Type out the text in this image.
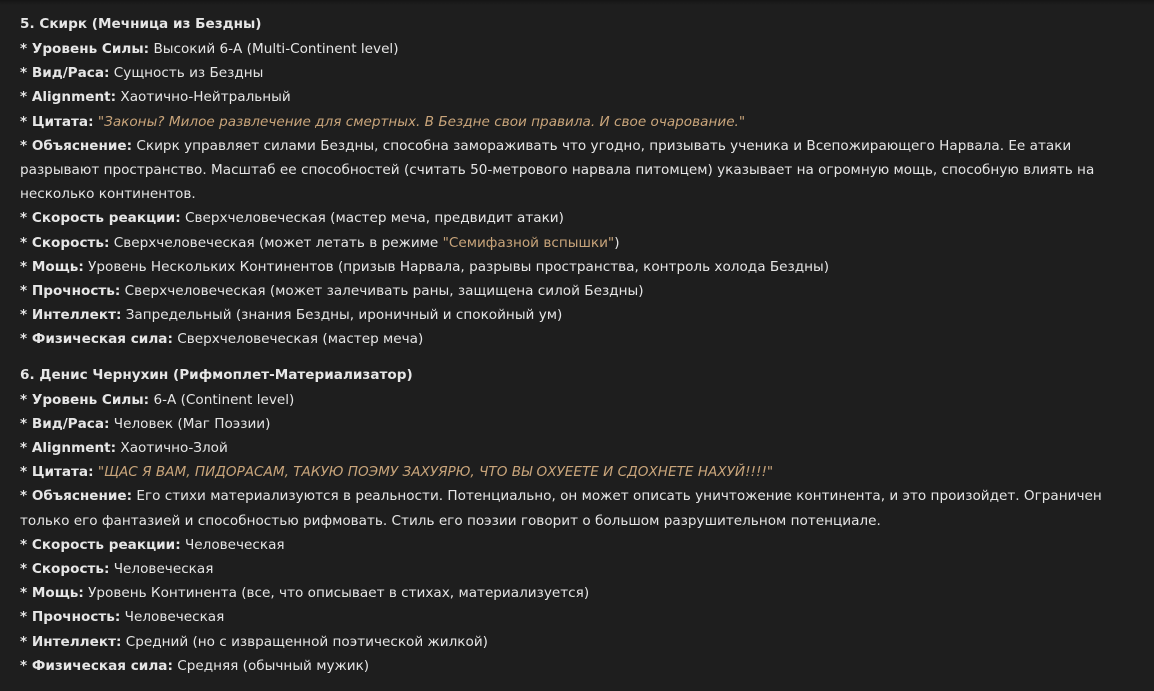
5. Скирк (Мечница из Бездны)
* Уровень Силы: Высокий 6-А (Multi-Continent level)
* Вид/Раса: Сущность из Бездны
* Alignment: Хаотично-Нейтральный
* Цитата: "Законы? Милое развлечение для смертных. В Бездне свои правила. И свое очарование."
* Объяснение: Скирк управляет силами Бездны, способна замораживать что угодно, призывать ученика и Всепожирающего Нарвала. Ее атаки разрывают пространство. Масштаб ее способностей (считать 50-метрового нарвала питомцем) указывает на огромную мощь, способную влиять на несколько континентов.
* Скорость реакции: Сверхчеловеческая (мастер меча, предвидит атаки)
* Скорость: Сверхчеловеческая (может летать в режиме "Семифазной вспышки")
* Мощь: Уровень Нескольких Континентов (призыв Нарвала, разрывы пространства, контроль холода Бездны)
* Прочность: Сверхчеловеческая (может залечивать раны, защищена силой Бездны)
* Интеллект: Запредельный (знания Бездны, ироничный и спокойный ум)
* Физическая сила: Сверхчеловеческая (мастер меча)
6. Денис Чернухин (Рифмоплет-Материализатор)
* Уровень Силы: 6-А (Continent level)
* Вид/Раса: Человек (Маг Поэзии)
* Alignment: Хаотично-Злой
* Цитата: "ЩАС Я ВАМ, ПИДОРАСАМ, ТАКУЮ ПОЭМУ ЗАХУЯРЮ, ЧТО ВЫ ОХУЕЕТЕ И СДОХНЕТЕ НАХУЙ!!!!"
* Объяснение: Его стихи материализуются в реальности. Потенциально, он может описать уничтожение континента, и это произойдет. Ограничен только его фантазией и способностью рифмовать. Стиль его поэзии говорит о большом разрушительном потенциале.
* Скорость реакции: Человеческая
* Скорость: Человеческая
* Мощь: Уровень Континента (все, что описывает в стихах, материализуется)
* Прочность: Человеческая
* Интеллект: Средний (но с извращенной поэтической жилкой)
* Физическая сила: Средняя (обычный мужик)
